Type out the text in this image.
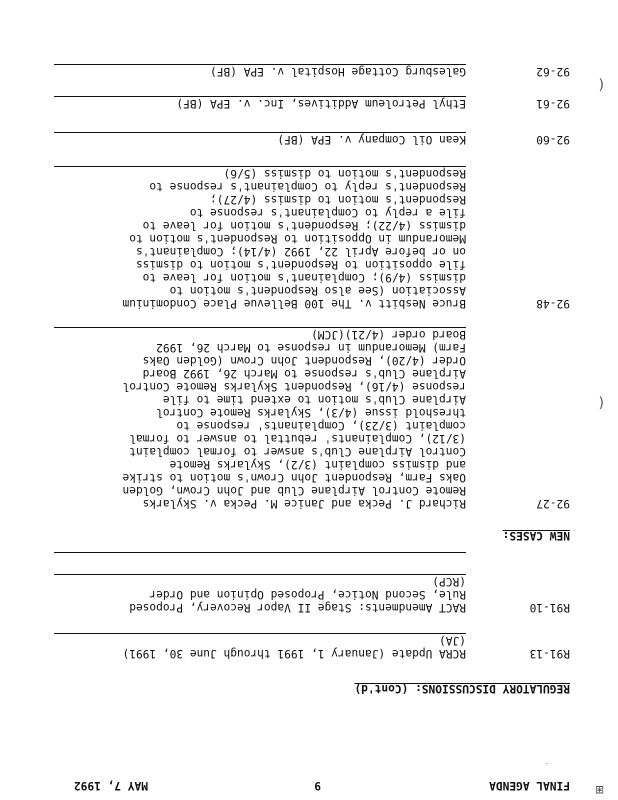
FINAL AGENDA
9
MAY 7, 1992
REGULATORY DISCUSSIONS: (Cont'd)
R91-13
RCRA Update (January 1, 1991 through June 30, 1991)
(JA)
R91-10
RACT Amendments: Stage II Vapor Recovery, Proposed
Rule, Second Notice, Proposed Opinion and Order
(RCP)
NEW CASES:
92-27
Richard J. Pecka and Janice M. Pecka v. Skylarks
Remote Control Airplane Club and John Crown, Golden
Oaks Farm, Respondent John Crown's motion to strike
and dismiss complaint (3/2), Skylarks Remote
Control Airplane Club's answer to formal complaint
(3/12), Complainants' rebuttal to answer to formal
complaint (3/23), Complainants' response to
threshold issue (4/3), Skylarks Remote Control
Airplane Club's motion to extend time to file
response (4/16), Respondent Skylarks Remote Control
Airplane Club's response to March 26, 1992 Board
Order (4/20), Respondent John Crown (Golden Oaks
Farm) Memorandum in response to March 26, 1992
Board order (4/21)(JCM)
92-48
Bruce Nesbitt v. The 100 Bellevue Place Condominium
Association (See also Respondent's motion to
dismiss (4/9); Complainant's motion for leave to
file opposition to Respondent's motion to dismiss
on or before April 22, 1992 (4/14); Complainant's
Memorandum in Opposition to Respondent's motion to
dismiss (4/22); Respondent's motion for leave to
file a reply to Complainant's response to
Respondent's motion to dismiss (4/27);
Respondent's reply to Complainant's response to
Respondent's motion to dismiss (5/6)
92-60
Kean Oil Company v. EPA (BF)
92-61
Ethyl Petroleum Additives, Inc. v. EPA (BF)
92-62
Galesburg Cottage Hospital v. EPA (BF)
⧆
(
(
.
